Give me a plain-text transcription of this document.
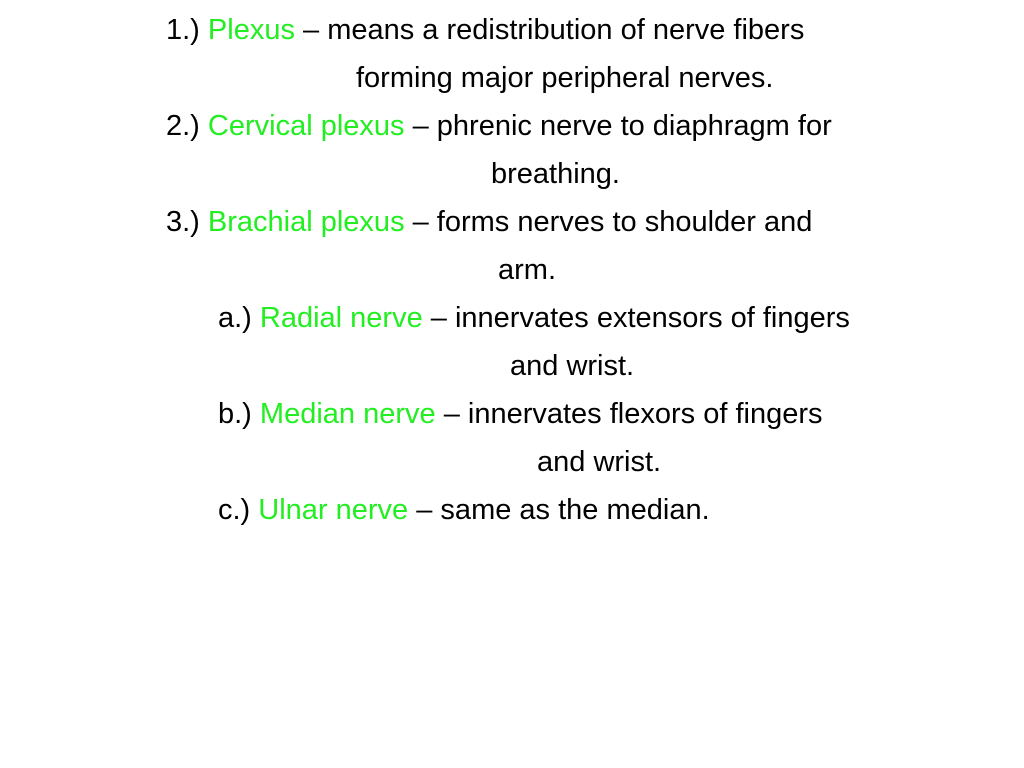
1.) Plexus – means a redistribution of nerve fibers
forming major peripheral nerves.
2.) Cervical plexus – phrenic nerve to diaphragm for
breathing.
3.) Brachial plexus – forms nerves to shoulder and
arm.
a.) Radial nerve – innervates extensors of fingers
and wrist.
b.) Median nerve – innervates flexors of fingers
and wrist.
c.) Ulnar nerve – same as the median.
